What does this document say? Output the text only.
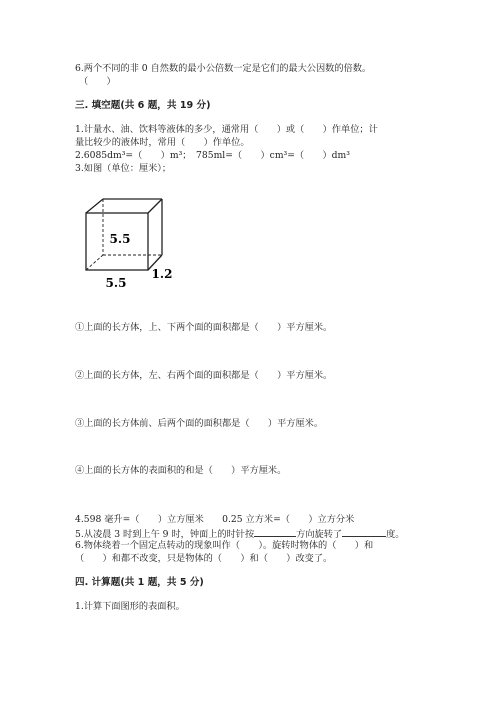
6.两个不同的非 0 自然数的最小公倍数一定是它们的最大公因数的倍数。
（　　）
三. 填空题(共 6 题，共 19 分)
1.计量水、油、饮料等液体的多少，通常用（　　）或（　　）作单位；计
量比较少的液体时，常用（　　）作单位。
2.6085dm³=（　　）m³；　785ml=（　　）cm³=（　　）dm³
3.如图（单位：厘米）；
5.5
5.5
1.2
①上面的长方体，上、下两个面的面积都是（　　）平方厘米。
②上面的长方体，左、右两个面的面积都是（　　）平方厘米。
③上面的长方体前、后两个面的面积都是（　　）平方厘米。
④上面的长方体的表面积的和是（　　）平方厘米。
4.598 毫升=（　　）立方厘米　　0.25 立方米=（　　）立方分米
5.从凌晨 3 时到上午 9 时，钟面上的时针按	方向旋转了	度。
6.物体绕着一个固定点转动的现象叫作（　　）。旋转时物体的（　　）和
（　　）和都不改变，只是物体的（　　）和（　　）改变了。
四. 计算题(共 1 题，共 5 分)
1.计算下面图形的表面积。
